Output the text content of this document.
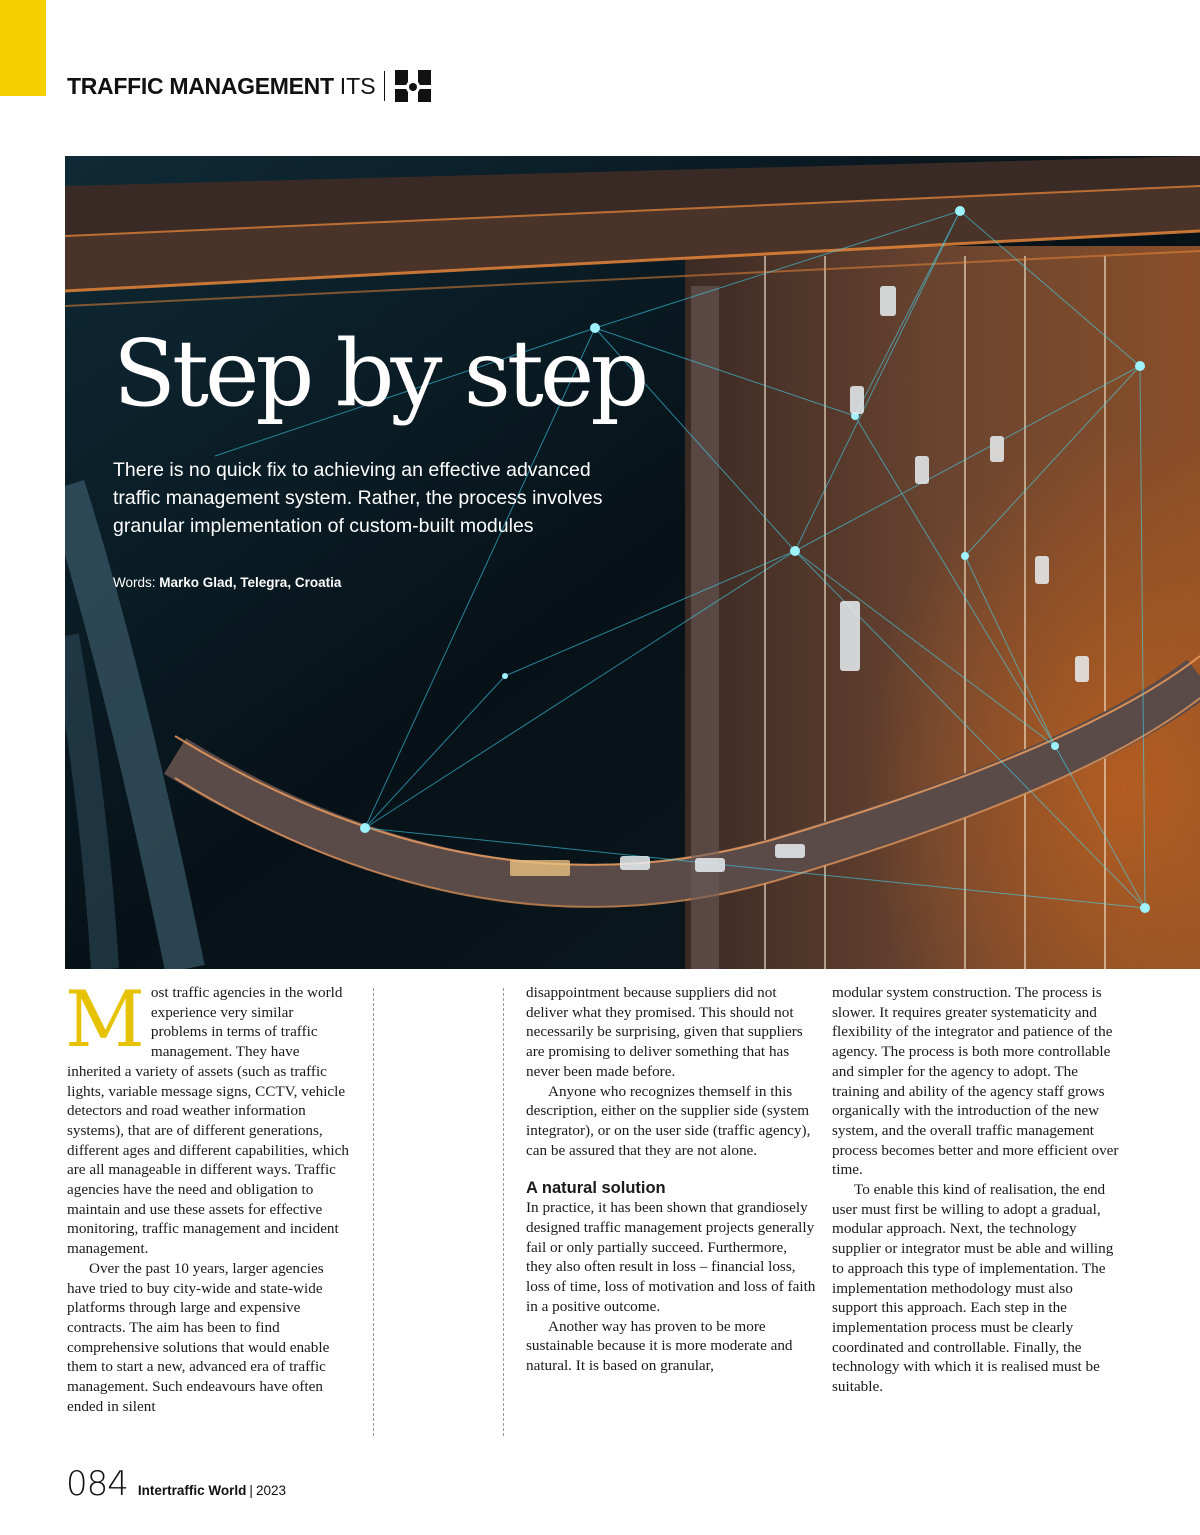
TRAFFIC MANAGEMENT ITS
Step by step
There is no quick fix to achieving an effective advanced traffic management system. Rather, the process involves granular implementation of custom-built modules
Words: Marko Glad, Telegra, Croatia
M ost traffic agencies in the world experience very similar problems in terms of traffic management. They have inherited a variety of assets (such as traffic lights, variable message signs, CCTV, vehicle detectors and road weather information systems), that are of different generations, different ages and different capabilities, which are all manageable in different ways. Traffic agencies have the need and obligation to maintain and use these assets for effective monitoring, traffic management and incident management.

Over the past 10 years, larger agencies have tried to buy city-wide and state-wide platforms through large and expensive contracts. The aim has been to find comprehensive solutions that would enable them to start a new, advanced era of traffic management. Such endeavours have often ended in silent

disappointment because suppliers did not deliver what they promised. This should not necessarily be surprising, given that suppliers are promising to deliver something that has never been made before.

Anyone who recognizes themself in this description, either on the supplier side (system integrator), or on the user side (traffic agency), can be assured that they are not alone.

A natural solution

In practice, it has been shown that grandiosely designed traffic management projects generally fail or only partially succeed. Furthermore, they also often result in loss – financial loss, loss of time, loss of motivation and loss of faith in a positive outcome.

Another way has proven to be more sustainable because it is more moderate and natural. It is based on granular,

modular system construction. The process is slower. It requires greater systematicity and flexibility of the integrator and patience of the agency. The process is both more controllable and simpler for the agency to adopt. The training and ability of the agency staff grows organically with the introduction of the new system, and the overall traffic management process becomes better and more efficient over time.

To enable this kind of realisation, the end user must first be willing to adopt a gradual, modular approach. Next, the technology supplier or integrator must be able and willing to approach this type of implementation. The implementation methodology must also support this approach. Each step in the implementation process must be clearly coordinated and controllable. Finally, the technology with which it is realised must be suitable.

084 Intertraffic World | 2023
